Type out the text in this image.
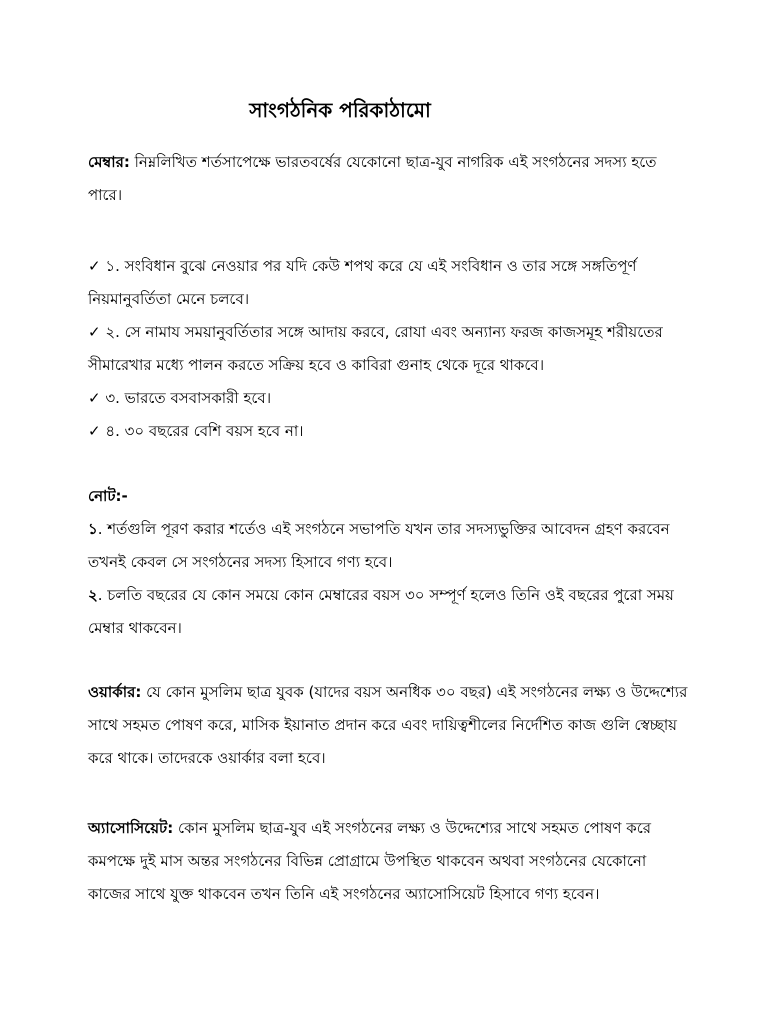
সাংগঠনিক পরিকাঠামো

মেম্বার: নিম্নলিখিত শর্তসাপেক্ষে ভারতবর্ষের যেকোনো ছাত্র-যুব নাগরিক এই সংগঠনের সদস্য হতে পারে।

✓ ১. সংবিধান বুঝে নেওয়ার পর যদি কেউ শপথ করে যে এই সংবিধান ও তার সঙ্গে সঙ্গতিপূর্ণ নিয়মানুবর্তিতা মেনে চলবে।

✓ ২. সে নামায সময়ানুবর্তিতার সঙ্গে আদায় করবে, রোযা এবং অন্যান্য ফরজ কাজসমূহ শরীয়তের সীমারেখার মধ্যে পালন করতে সক্রিয় হবে ও কাবিরা গুনাহ থেকে দূরে থাকবে।

✓ ৩. ভারতে বসবাসকারী হবে।

✓ ৪. ৩০ বছরের বেশি বয়স হবে না।

নোট:-

১. শর্তগুলি পূরণ করার শর্তেও এই সংগঠনে সভাপতি যখন তার সদস্যভুক্তির আবেদন গ্রহণ করবেন তখনই কেবল সে সংগঠনের সদস্য হিসাবে গণ্য হবে।

২. চলতি বছরের যে কোন সময়ে কোন মেম্বারের বয়স ৩০ সম্পূর্ণ হলেও তিনি ওই বছরের পুরো সময় মেম্বার থাকবেন।

ওয়ার্কার: যে কোন মুসলিম ছাত্র যুবক (যাদের বয়স অনধিক ৩০ বছর) এই সংগঠনের লক্ষ্য ও উদ্দেশ্যের সাথে সহমত পোষণ করে, মাসিক ইয়ানাত প্রদান করে এবং দায়িত্বশীলের নির্দেশিত কাজ গুলি স্বেচ্ছায় করে থাকে। তাদেরকে ওয়ার্কার বলা হবে।

অ্যাসোসিয়েট: কোন মুসলিম ছাত্র-যুব এই সংগঠনের লক্ষ্য ও উদ্দেশ্যের সাথে সহমত পোষণ করে কমপক্ষে দুই মাস অন্তর সংগঠনের বিভিন্ন প্রোগ্রামে উপস্থিত থাকবেন অথবা সংগঠনের যেকোনো কাজের সাথে যুক্ত থাকবেন তখন তিনি এই সংগঠনের অ্যাসোসিয়েট হিসাবে গণ্য হবেন।
